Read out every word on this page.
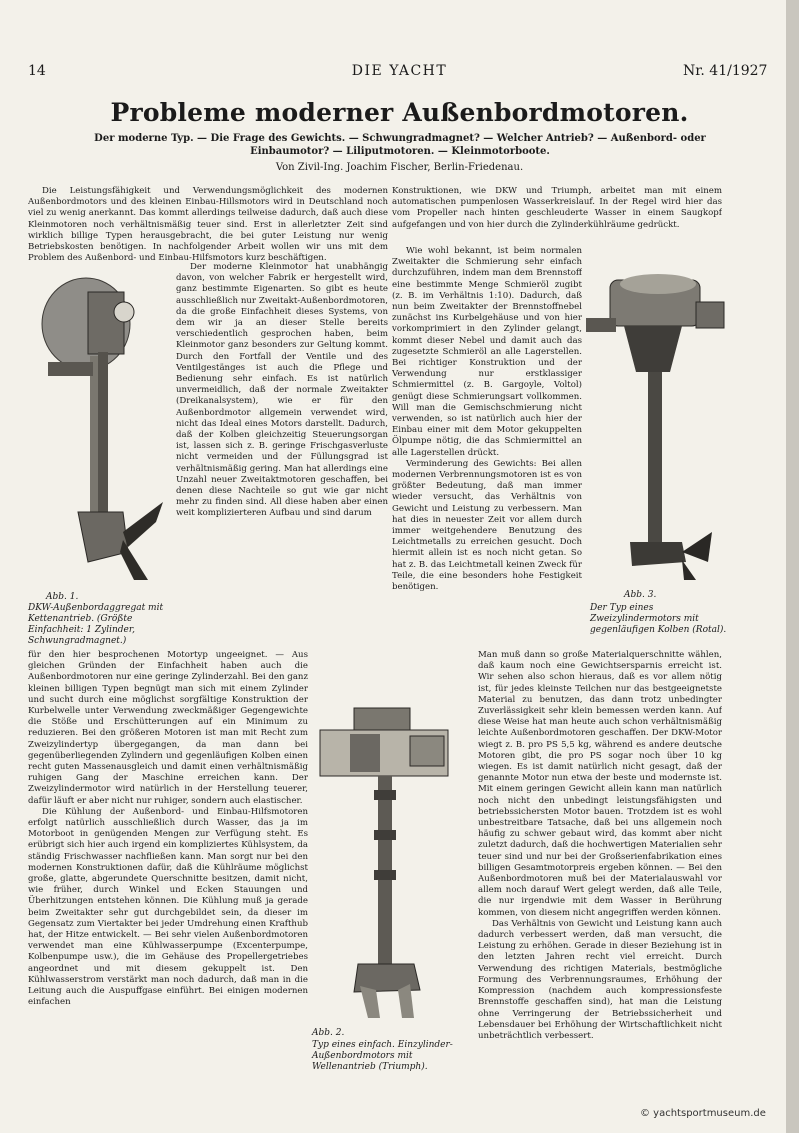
14	DIE YACHT	Nr. 41/1927
Probleme moderner Außenbordmotoren.
Der moderne Typ. — Die Frage des Gewichts. — Schwungradmagnet? — Welcher Antrieb? — Außenbord- oder Einbaumotor? — Liliputmotoren. — Kleinmotorboote.
Von Zivil-Ing. Joachim Fischer, Berlin-Friedenau.
Abb. 1.
DKW-Außenbordaggregat mit Kettenantrieb. (Größte Einfachheit: 1 Zylinder, Schwungradmagnet.)

Die Leistungsfähigkeit und Verwendungsmöglichkeit des modernen Außenbordmotors und des kleinen Einbau-Hillsmotors wird in Deutschland noch viel zu wenig anerkannt. Das kommt allerdings teilweise dadurch, daß auch diese Kleinmotoren noch verhältnismäßig teuer sind. Erst in allerletzter Zeit sind wirklich billige Typen herausgebracht, die bei guter Leistung nur wenig Betriebskosten benötigen. In nachfolgender Arbeit wollen wir uns mit dem Problem des Außenbord- und Einbau-Hilfsmotors kurz beschäftigen.

Der moderne Kleinmotor hat unabhängig davon, von welcher Fabrik er hergestellt wird, ganz bestimmte Eigenarten. So gibt es heute ausschließlich nur Zweitakt-Außenbordmotoren, da die große Einfachheit dieses Systems, von dem wir ja an dieser Stelle bereits verschiedentlich gesprochen haben, beim Kleinmotor ganz besonders zur Geltung kommt. Durch den Fortfall der Ventile und des Ventilgestänges ist auch die Pflege und Bedienung sehr einfach. Es ist natürlich unvermeidlich, daß der normale Zweitakter (Dreikanalsystem), wie er für den Außenbordmotor allgemein verwendet wird, nicht das Ideal eines Motors darstellt. Dadurch, daß der Kolben gleichzeitig Steuerungsorgan ist, lassen sich z. B. geringe Frischgasverluste nicht vermeiden und der Füllungsgrad ist verhältnismäßig gering. Man hat allerdings eine Unzahl neuer Zweitaktmotoren geschaffen, bei denen diese Nachteile so gut wie gar nicht mehr zu finden sind. All diese haben aber einen weit komplizierteren Aufbau und sind darum

Konstruktionen, wie DKW und Triumph, arbeitet man mit einem automatischen pumpenlosen Wasserkreislauf. In der Regel wird hier das vom Propeller nach hinten geschleuderte Wasser in einem Saugkopf aufgefangen und von hier durch die Zylinderkühlräume gedrückt.

Wie wohl bekannt, ist beim normalen Zweitakter die Schmierung sehr einfach durchzuführen, indem man dem Brennstoff eine bestimmte Menge Schmieröl zugibt (z. B. im Verhältnis 1:10). Dadurch, daß nun beim Zweitakter der Brennstoffnebel zunächst ins Kurbelgehäuse und von hier vorkomprimiert in den Zylinder gelangt, kommt dieser Nebel und damit auch das zugesetzte Schmieröl an alle Lagerstellen. Bei richtiger Konstruktion und der Verwendung nur erstklassiger Schmiermittel (z. B. Gargoyle, Voltol) genügt diese Schmierungsart vollkommen. Will man die Gemischschmierung nicht verwenden, so ist natürlich auch hier der Einbau einer mit dem Motor gekuppelten Ölpumpe nötig, die das Schmiermittel an alle Lagerstellen drückt.

Verminderung des Gewichts: Bei allen modernen Verbrennungsmotoren ist es von größter Bedeutung, daß man immer wieder versucht, das Verhältnis von Gewicht und Leistung zu verbessern. Man hat dies in neuester Zeit vor allem durch immer weitgehendere Benutzung des Leichtmetalls zu erreichen gesucht. Doch hiermit allein ist es noch nicht getan. So hat z. B. das Leichtmetall keinen Zweck für Teile, die eine besonders hohe Festigkeit benötigen.

Abb. 3.
Der Typ eines Zweizylindermotors mit gegenläufigen Kolben (Rotal).

für den hier besprochenen Motortyp ungeeignet. — Aus gleichen Gründen der Einfachheit haben auch die Außenbordmotoren nur eine geringe Zylinderzahl. Bei den ganz kleinen billigen Typen begnügt man sich mit einem Zylinder und sucht durch eine möglichst sorgfältige Konstruktion der Kurbelwelle unter Verwendung zweckmäßiger Gegengewichte die Stöße und Erschütterungen auf ein Minimum zu reduzieren. Bei den größeren Motoren ist man mit Recht zum Zweizylindertyp übergegangen, da man dann bei gegenüberliegenden Zylindern und gegenläufigen Kolben einen recht guten Massenausgleich und damit einen verhältnismäßig ruhigen Gang der Maschine erreichen kann. Der Zweizylindermotor wird natürlich in der Herstellung teuerer, dafür läuft er aber nicht nur ruhiger, sondern auch elastischer.

Die Kühlung der Außenbord- und Einbau-Hilfsmotoren erfolgt natürlich ausschließlich durch Wasser, das ja im Motorboot in genügenden Mengen zur Verfügung steht. Es erübrigt sich hier auch irgend ein kompliziertes Kühlsystem, da ständig Frischwasser nachfließen kann. Man sorgt nur bei den modernen Konstruktionen dafür, daß die Kühlräume möglichst große, glatte, abgerundete Querschnitte besitzen, damit nicht, wie früher, durch Winkel und Ecken Stauungen und Überhitzungen entstehen können. Die Kühlung muß ja gerade beim Zweitakter sehr gut durchgebildet sein, da dieser im Gegensatz zum Viertakter bei jeder Umdrehung einen Krafthub hat, der Hitze entwickelt. — Bei sehr vielen Außenbordmotoren verwendet man eine Kühlwasserpumpe (Excenterpumpe, Kolbenpumpe usw.), die im Gehäuse des Propellergetriebes angeordnet und mit diesem gekuppelt ist. Den Kühlwasserstrom verstärkt man noch dadurch, daß man in die Leitung auch die Auspuffgase einführt. Bei einigen modernen einfachen

Abb. 2.
Typ eines einfach. Einzylinder-Außenbordmotors mit Wellenantrieb (Triumph).

Man muß dann so große Materialquerschnitte wählen, daß kaum noch eine Gewichtsersparnis erreicht ist. Wir sehen also schon hieraus, daß es vor allem nötig ist, für jedes kleinste Teilchen nur das bestgeeignetste Material zu benutzen, das dann trotz unbedingter Zuverlässigkeit sehr klein bemessen werden kann. Auf diese Weise hat man heute auch schon verhältnismäßig leichte Außenbordmotoren geschaffen. Der DKW-Motor wiegt z. B. pro PS 5,5 kg, während es andere deutsche Motoren gibt, die pro PS sogar noch über 10 kg wiegen. Es ist damit natürlich nicht gesagt, daß der genannte Motor nun etwa der beste und modernste ist. Mit einem geringen Gewicht allein kann man natürlich noch nicht den unbedingt leistungsfähigsten und betriebssichersten Motor bauen. Trotzdem ist es wohl unbestreitbare Tatsache, daß bei uns allgemein noch häufig zu schwer gebaut wird, das kommt aber nicht zuletzt dadurch, daß die hochwertigen Materialien sehr teuer sind und nur bei der Großserienfabrikation eines billigen Gesamtmotorpreis ergeben können. — Bei den Außenbordmotoren muß bei der Materialauswahl vor allem noch darauf Wert gelegt werden, daß alle Teile, die nur irgendwie mit dem Wasser in Berührung kommen, von diesem nicht angegriffen werden können.

Das Verhältnis von Gewicht und Leistung kann auch dadurch verbessert werden, daß man versucht, die Leistung zu erhöhen. Gerade in dieser Beziehung ist in den letzten Jahren recht viel erreicht. Durch Verwendung des richtigen Materials, bestmögliche Formung des Verbrennungsraumes, Erhöhung der Kompression (nachdem auch kompressionsfeste Brennstoffe geschaffen sind), hat man die Leistung ohne Verringerung der Betriebssicherheit und Lebensdauer bei Erhöhung der Wirtschaftlichkeit nicht unbeträchtlich verbessert.

© yachtsportmuseum.de
